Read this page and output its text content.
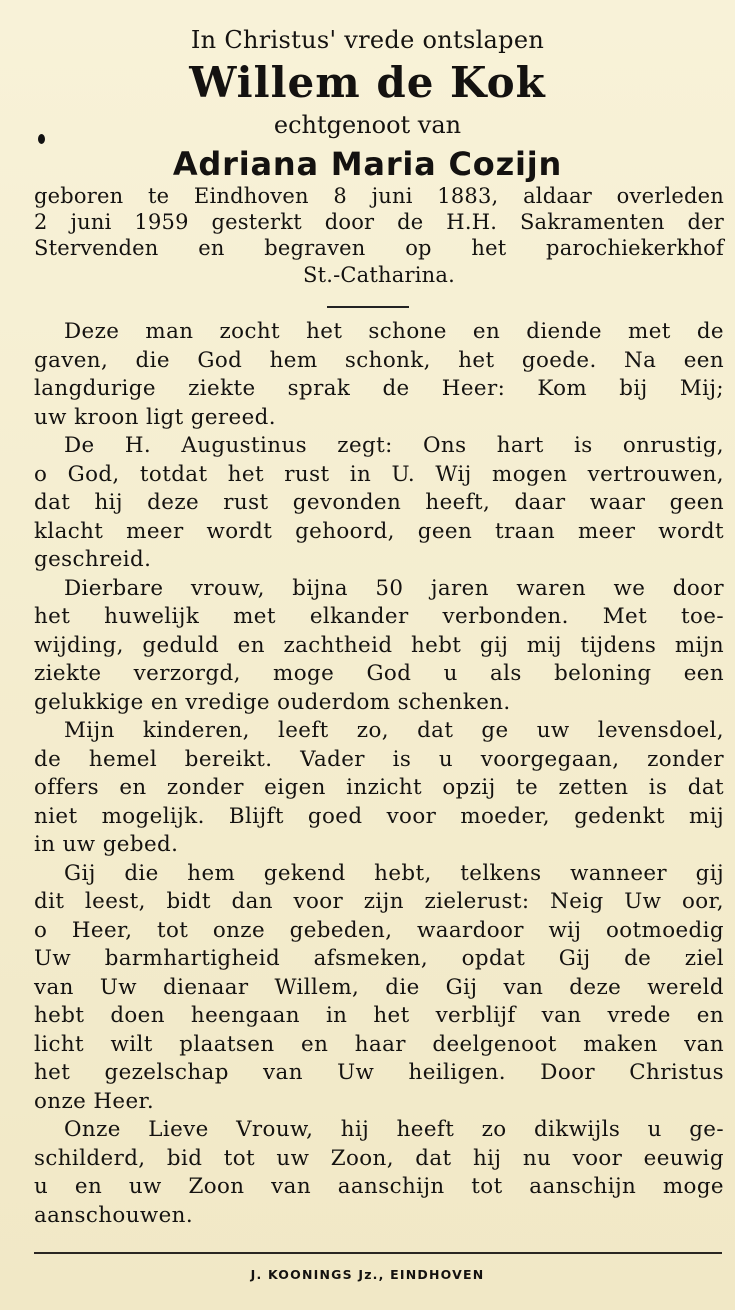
In Christus' vrede ontslapen
Willem de Kok
echtgenoot van
Adriana Maria Cozijn
geboren te Eindhoven 8 juni 1883, aldaar overleden
2 juni 1959 gesterkt door de H.H. Sakramenten der
Stervenden en begraven op het parochiekerkhof
St.-Catharina.
Deze man zocht het schone en diende met de
gaven, die God hem schonk, het goede. Na een
langdurige ziekte sprak de Heer: Kom bij Mij;
uw kroon ligt gereed.
De H. Augustinus zegt: Ons hart is onrustig,
o God, totdat het rust in U. Wij mogen vertrouwen,
dat hij deze rust gevonden heeft, daar waar geen
klacht meer wordt gehoord, geen traan meer wordt
geschreid.
Dierbare vrouw, bijna 50 jaren waren we door
het huwelijk met elkander verbonden. Met toe-
wijding, geduld en zachtheid hebt gij mij tijdens mijn
ziekte verzorgd, moge God u als beloning een
gelukkige en vredige ouderdom schenken.
Mijn kinderen, leeft zo, dat ge uw levensdoel,
de hemel bereikt. Vader is u voorgegaan, zonder
offers en zonder eigen inzicht opzij te zetten is dat
niet mogelijk. Blijft goed voor moeder, gedenkt mij
in uw gebed.
Gij die hem gekend hebt, telkens wanneer gij
dit leest, bidt dan voor zijn zielerust: Neig Uw oor,
o Heer, tot onze gebeden, waardoor wij ootmoedig
Uw barmhartigheid afsmeken, opdat Gij de ziel
van Uw dienaar Willem, die Gij van deze wereld
hebt doen heengaan in het verblijf van vrede en
licht wilt plaatsen en haar deelgenoot maken van
het gezelschap van Uw heiligen. Door Christus
onze Heer.
Onze Lieve Vrouw, hij heeft zo dikwijls u ge-
schilderd, bid tot uw Zoon, dat hij nu voor eeuwig
u en uw Zoon van aanschijn tot aanschijn moge
aanschouwen.
J. KOONINGS Jz., EINDHOVEN
